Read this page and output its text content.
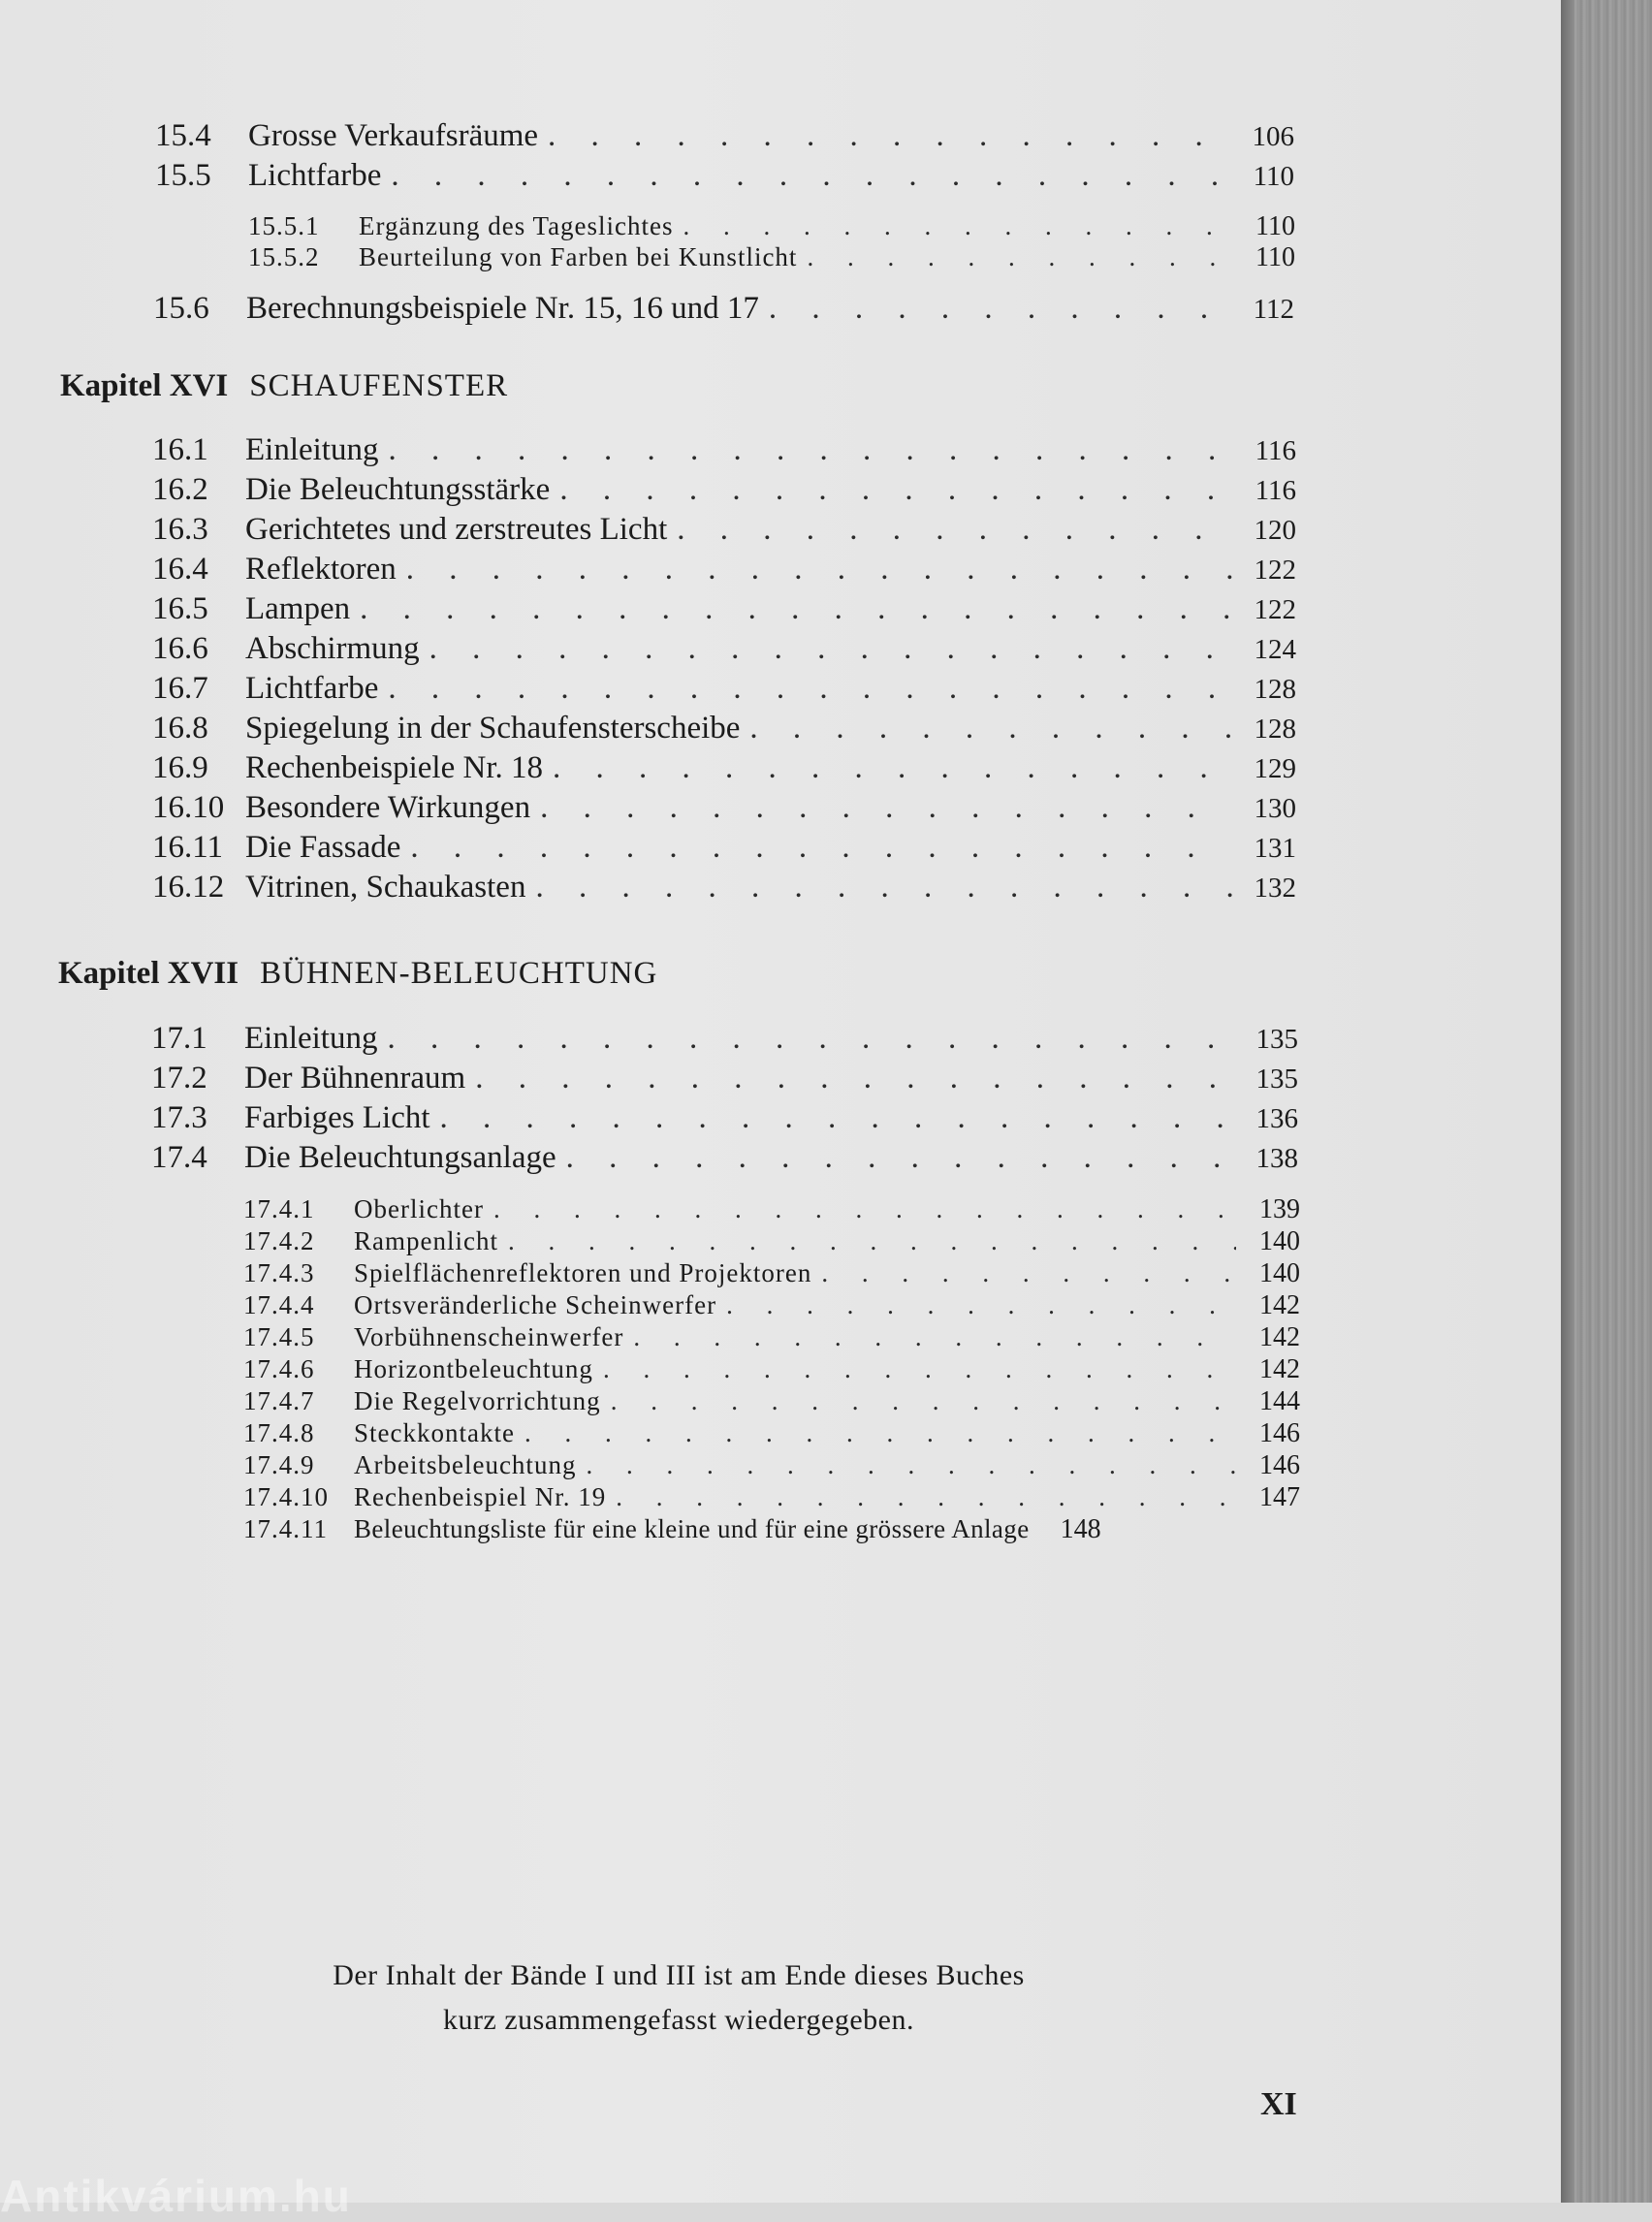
15.4	Grosse Verkaufsräume . . .	106
15.5	Lichtfarbe . . .	110
15.5.1	Ergänzung des Tageslichtes . . .	110
15.5.2	Beurteilung von Farben bei Kunstlicht . . .	110
15.6	Berechnungsbeispiele Nr. 15, 16 und 17 . . .	112
Kapitel XVI SCHAUFENSTER
16.1	Einleitung . . .	116
16.2	Die Beleuchtungsstärke . . .	116
16.3	Gerichtetes und zerstreutes Licht . . .	120
16.4	Reflektoren . . .	122
16.5	Lampen . . .	122
16.6	Abschirmung . . .	124
16.7	Lichtfarbe . . .	128
16.8	Spiegelung in der Schaufensterscheibe . . .	128
16.9	Rechenbeispiele Nr. 18 . . .	129
16.10 Besondere Wirkungen . . .	130
16.11 Die Fassade . . .	131
16.12 Vitrinen, Schaukasten . . .	132
Kapitel XVII BÜHNEN-BELEUCHTUNG
17.1	Einleitung . . .	135
17.2	Der Bühnenraum . . .	135
17.3	Farbiges Licht . . .	136
17.4	Die Beleuchtungsanlage . . .	138
17.4.1	Oberlichter . . .	139
17.4.2	Rampenlicht . . .	140
17.4.3	Spielflächenreflektoren und Projektoren . . .	140
17.4.4	Ortsveränderliche Scheinwerfer . . .	142
17.4.5	Vorbühnenscheinwerfer . . .	142
17.4.6	Horizontbeleuchtung . . .	142
17.4.7	Die Regelvorrichtung . . .	144
17.4.8	Steckkontakte . . .	146
17.4.9	Arbeitsbeleuchtung . . .	146
17.4.10 Rechenbeispiel Nr. 19 . . .	147
17.4.11	Beleuchtungsliste für eine kleine und für eine grössere Anlage	148
Der Inhalt der Bände I und III ist am Ende dieses Buches
kurz zusammengefasst wiedergegeben.
XI
Antikvárium.hu
